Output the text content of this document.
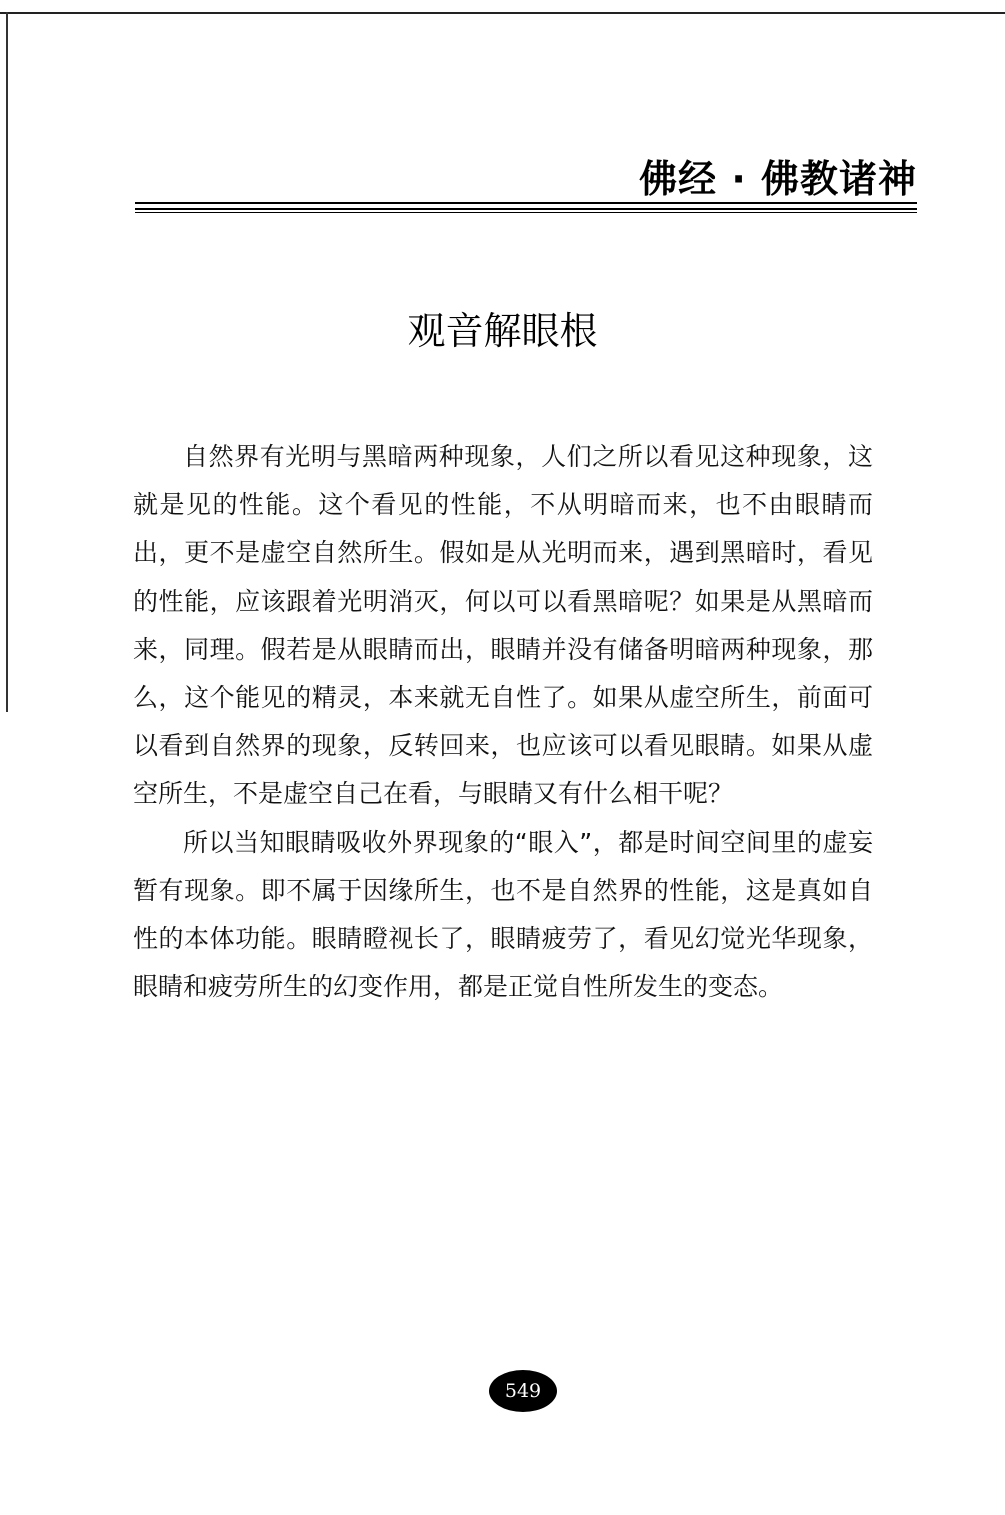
佛经 · 佛教诸神
观音解眼根

自然界有光明与黑暗两种现象，人们之所以看见这种现象，这就是见的性能。这个看见的性能，不从明暗而来，也不由眼睛而出，更不是虚空自然所生。假如是从光明而来，遇到黑暗时，看见的性能，应该跟着光明消灭，何以可以看黑暗呢？如果是从黑暗而来，同理。假若是从眼睛而出，眼睛并没有储备明暗两种现象，那么，这个能见的精灵，本来就无自性了。如果从虚空所生，前面可以看到自然界的现象，反转回来，也应该可以看见眼睛。如果从虚空所生，不是虚空自己在看，与眼睛又有什么相干呢？

所以当知眼睛吸收外界现象的“眼入”，都是时间空间里的虚妄暂有现象。即不属于因缘所生，也不是自然界的性能，这是真如自性的本体功能。眼睛瞪视长了，眼睛疲劳了，看见幻觉光华现象，眼睛和疲劳所生的幻变作用，都是正觉自性所发生的变态。

549
